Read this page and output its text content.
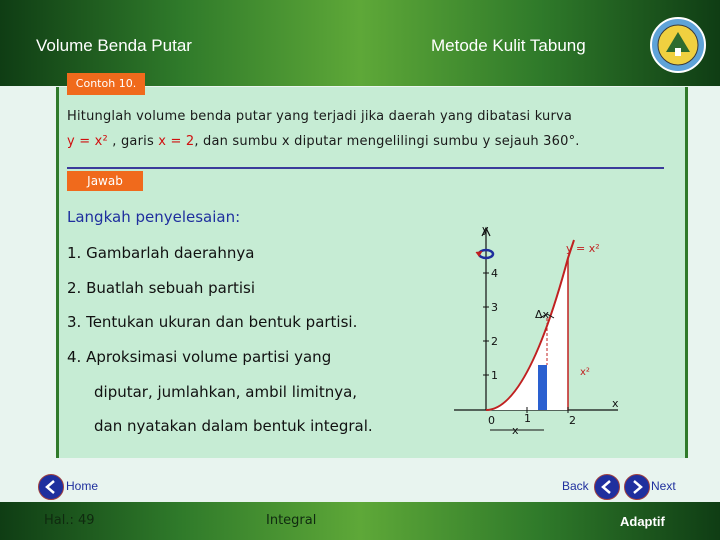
Volume Benda Putar	Metode Kulit Tabung
Contoh 10.
Hitunglah volume benda putar yang terjadi jika daerah yang dibatasi kurva
y = x² , garis x = 2, dan sumbu x diputar mengelilingi sumbu y sejauh 360°.
Jawab
Langkah penyelesaian:
1. Gambarlah daerahnya
2. Buatlah sebuah partisi
3. Tentukan ukuran dan bentuk partisi.
4. Aproksimasi volume partisi yang
diputar, jumlahkan, ambil limitnya,
dan nyatakan dalam bentuk integral.
y
x
y = x²
4
3
2
1
0	1	2
Δx
x²
x
Home	Back	Next
Hal.: 49	Integral	Adaptif
